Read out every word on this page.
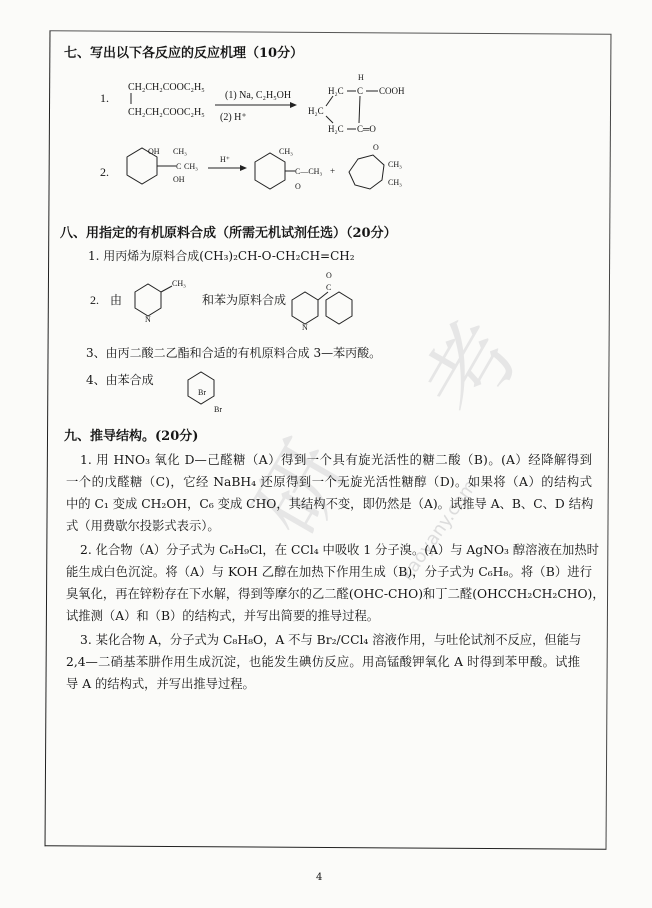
考
研 kaoyany.com
七、写出以下各反应的反应机理（10分）
1.
CH₂CH₂COOC₂H₅
CH₂CH₂COOC₂H₅
(1) Na, C₂H₅OH
(2) H⁺
H
H₂C C COOH
H₂C
H₂C C═O
2.
OH CH₃
C CH₃
OH
H⁺
CH₃
C—CH₃
O
+
O
CH₃
CH₃
八、用指定的有机原料合成（所需无机试剂任选）（20分）
1. 用丙烯为原料合成(CH₃)₂CH-O-CH₂CH=CH₂
2. 由
CH₃
N
和苯为原料合成
N
C
O
Br
Br
3、由丙二酸二乙酯和合适的有机原料合成 3—苯丙酸。
4、由苯合成
九、推导结构。(20分)
1. 用 HNO₃ 氧化 D—己醛糖（A）得到一个具有旋光活性的糖二酸（B)。(A）经降解得到
一个的戊醛糖（C)，它经 NaBH₄ 还原得到一个无旋光活性糖醇（D)。如果将（A）的结构式
中的 C₁ 变成 CH₂OH，C₆ 变成 CHO，其结构不变，即仍然是（A)。试推导 A、B、C、D 结构
式（用费歇尔投影式表示）。
2. 化合物（A）分子式为 C₆H₉Cl，在 CCl₄ 中吸收 1 分子溴。(A）与 AgNO₃ 醇溶液在加热时
能生成白色沉淀。将（A）与 KOH 乙醇在加热下作用生成（B)，分子式为 C₆H₈。将（B）进行
臭氧化，再在锌粉存在下水解，得到等摩尔的乙二醛(OHC-CHO)和丁二醛(OHCCH₂CH₂CHO)，
试推测（A）和（B）的结构式，并写出简要的推导过程。
3. 某化合物 A，分子式为 C₈H₈O，A 不与 Br₂/CCl₄ 溶液作用，与吐伦试剂不反应，但能与
2,4—二硝基苯肼作用生成沉淀，也能发生碘仿反应。用高锰酸钾氧化 A 时得到苯甲酸。试推
导 A 的结构式，并写出推导过程。
4
